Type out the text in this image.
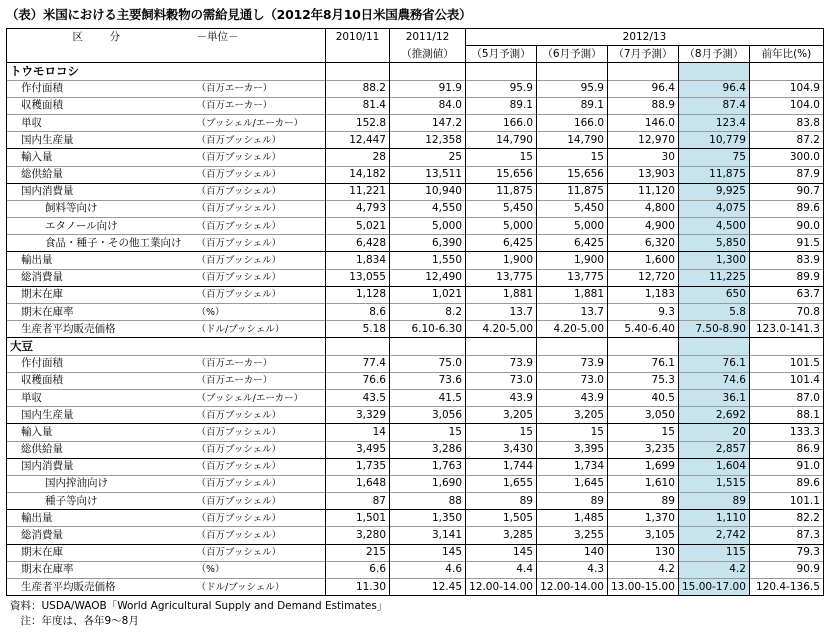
（表）米国における主要飼料穀物の需給見通し（2012年8月10日米国農務省公表）
区　分	－単位－	2010/11	2011/12	2012/13				
			（推測値）	（5月予測）	（6月予測）	（7月予測）	（8月予測）	前年比(%)
トウモロコシ								
作付面積	（百万エーカー）	88.2	91.9	95.9	95.9	96.4	96.4	104.9
収穫面積	（百万エーカー）	81.4	84.0	89.1	89.1	88.9	87.4	104.0
単収	（ブッシェル/エーカー）	152.8	147.2	166.0	166.0	146.0	123.4	83.8
国内生産量	（百万ブッシェル）	12,447	12,358	14,790	14,790	12,970	10,779	87.2
輸入量	（百万ブッシェル）	28	25	15	15	30	75	300.0
総供給量	（百万ブッシェル）	14,182	13,511	15,656	15,656	13,903	11,875	87.9
国内消費量	（百万ブッシェル）	11,221	10,940	11,875	11,875	11,120	9,925	90.7
飼料等向け	（百万ブッシェル）	4,793	4,550	5,450	5,450	4,800	4,075	89.6
エタノール向け	（百万ブッシェル）	5,021	5,000	5,000	5,000	4,900	4,500	90.0
食品・種子・その他工業向け	（百万ブッシェル）	6,428	6,390	6,425	6,425	6,320	5,850	91.5
輸出量	（百万ブッシェル）	1,834	1,550	1,900	1,900	1,600	1,300	83.9
総消費量	（百万ブッシェル）	13,055	12,490	13,775	13,775	12,720	11,225	89.9
期末在庫	（百万ブッシェル）	1,128	1,021	1,881	1,881	1,183	650	63.7
期末在庫率	（%）	8.6	8.2	13.7	13.7	9.3	5.8	70.8
生産者平均販売価格	（ドル/ブッシェル）	5.18	6.10-6.30	4.20-5.00	4.20-5.00	5.40-6.40	7.50-8.90	123.0-141.3
大豆								
作付面積	（百万エーカー）	77.4	75.0	73.9	73.9	76.1	76.1	101.5
収穫面積	（百万エーカー）	76.6	73.6	73.0	73.0	75.3	74.6	101.4
単収	（ブッシェル/エーカー）	43.5	41.5	43.9	43.9	40.5	36.1	87.0
国内生産量	（百万ブッシェル）	3,329	3,056	3,205	3,205	3,050	2,692	88.1
輸入量	（百万ブッシェル）	14	15	15	15	15	20	133.3
総供給量	（百万ブッシェル）	3,495	3,286	3,430	3,395	3,235	2,857	86.9
国内消費量	（百万ブッシェル）	1,735	1,763	1,744	1,734	1,699	1,604	91.0
国内搾油向け	（百万ブッシェル）	1,648	1,690	1,655	1,645	1,610	1,515	89.6
種子等向け	（百万ブッシェル）	87	88	89	89	89	89	101.1
輸出量	（百万ブッシェル）	1,501	1,350	1,505	1,485	1,370	1,110	82.2
総消費量	（百万ブッシェル）	3,280	3,141	3,285	3,255	3,105	2,742	87.3
期末在庫	（百万ブッシェル）	215	145	145	140	130	115	79.3
期末在庫率	（%）	6.6	4.6	4.4	4.3	4.2	4.2	90.9
生産者平均販売価格	（ドル/ブッシェル）	11.30	12.45	12.00-14.00	12.00-14.00	13.00-15.00	15.00-17.00	120.4-136.5
資料：USDA/WAOB「World Agricultural Supply and Demand Estimates」
　注：年度は、各年9～8月
